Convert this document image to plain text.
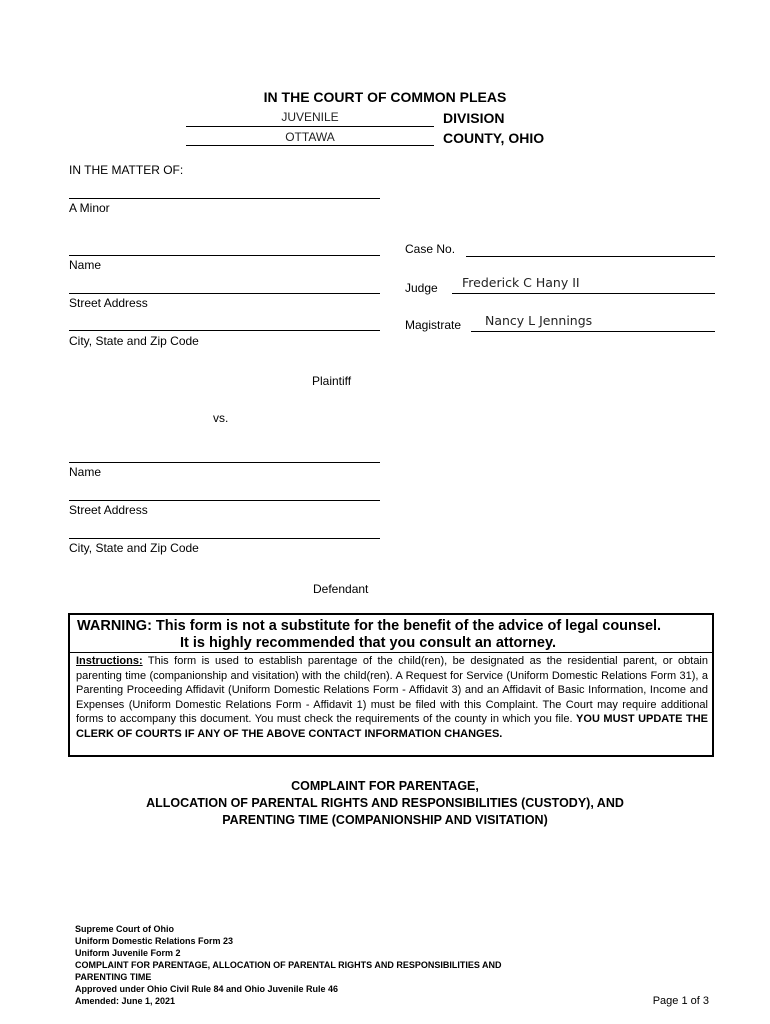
IN THE COURT OF COMMON PLEAS
JUVENILE	DIVISION
OTTAWA	COUNTY, OHIO
IN THE MATTER OF:
A Minor
Name
Street Address
City, State and Zip Code
Plaintiff
Case No.
Judge Frederick C Hany II
Magistrate Nancy L Jennings
vs.
Name
Street Address
City, State and Zip Code
Defendant
WARNING: This form is not a substitute for the benefit of the advice of legal counsel.
It is highly recommended that you consult an attorney.
Instructions: This form is used to establish parentage of the child(ren), be designated as the residential parent, or obtain parenting time (companionship and visitation) with the child(ren). A Request for Service (Uniform Domestic Relations Form 31), a Parenting Proceeding Affidavit (Uniform Domestic Relations Form - Affidavit 3) and an Affidavit of Basic Information, Income and Expenses (Uniform Domestic Relations Form - Affidavit 1) must be filed with this Complaint. The Court may require additional forms to accompany this document. You must check the requirements of the county in which you file. YOU MUST UPDATE THE CLERK OF COURTS IF ANY OF THE ABOVE CONTACT INFORMATION CHANGES.
COMPLAINT FOR PARENTAGE,
ALLOCATION OF PARENTAL RIGHTS AND RESPONSIBILITIES (CUSTODY), AND
PARENTING TIME (COMPANIONSHIP AND VISITATION)
Supreme Court of Ohio
Uniform Domestic Relations Form 23
Uniform Juvenile Form 2
COMPLAINT FOR PARENTAGE, ALLOCATION OF PARENTAL RIGHTS AND RESPONSIBILITIES AND
PARENTING TIME
Approved under Ohio Civil Rule 84 and Ohio Juvenile Rule 46
Amended: June 1, 2021	Page 1 of 3
